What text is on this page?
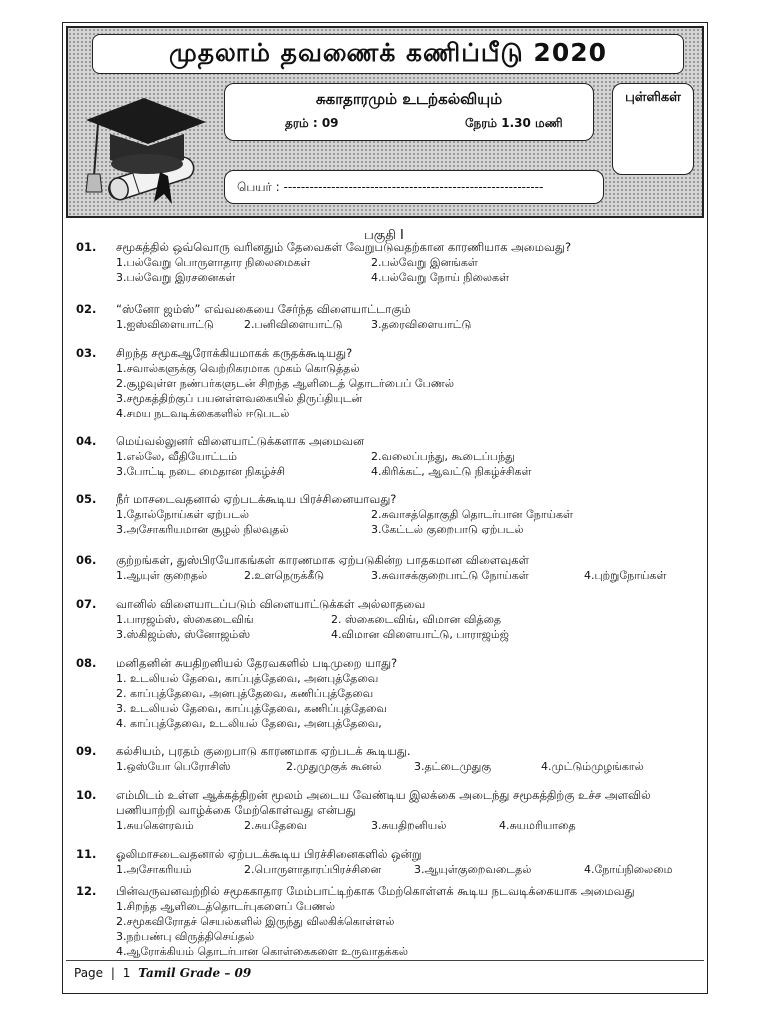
முதலாம் தவணைக் கணிப்பீடு 2020
சுகாதாரமும் உடற்கல்வியும்
தரம் : 09	நேரம் 1.30 மணி
புள்ளிகள்
பெயர் : ------------------------------------------------------------
பகுதி I
01. சமூகத்தில் ஒவ்வொரு வரினதும் தேவைகள் வேறுபடுவதற்கான காரணியாக அமைவது?
1.பல்வேறு பொருளாதார நிலைமைகள்	2.பல்வேறு இனங்கள்
3.பல்வேறு இரசனைகள்	4.பல்வேறு நோய் நிலைகள்
02. “ஸ்னோ ஜம்ஸ்” எவ்வகையை சேர்ந்த விளையாட்டாகும்
1.ஐஸ்விளையாட்டு	2.பனிவிளையாட்டு	3.தரைவிளையாட்டு
03. சிறந்த சமூகஆரோக்கியமாகக் கருதக்கூடியது?
1.சவால்களுக்கு வெற்றிகரமாக முகம் கொடுத்தல்
2.சூழவுள்ள நண்பர்களுடன் சிறந்த ஆளிடைத் தொடர்பைப் பேணல்
3.சமூகத்திற்குப் பயனள்ளவகையில் திருப்தியுடன்
4.சமய நடவடிக்கைகளில் ஈடுபடல்
04. மெய்வல்லுனர் விளையாட்டுக்களாக அமைவன
1.எல்லே, வீதியோட்டம்	2.வலைப்பந்து, கூடைப்பந்து
3.போட்டி நடை மைதான நிகழ்ச்சி	4.கிரிக்கட், ஆவட்டு நிகழ்ச்சிகள்
05. நீர் மாசடைவதனால் ஏற்படக்கூடிய பிரச்சினையாவது?
1.தோல்நோய்கள் ஏற்படல்	2.சுவாசத்தொகுதி தொடர்பான நோய்கள்
3.அசோகரியமான சூழல் நிலவுதல்	3.கேட்டல் குறைபாடு ஏற்படல்
06. குற்றங்கள், துஸ்பிரயோகங்கள் காரணமாக ஏற்படுகின்ற பாதகமான விளைவுகள்
1.ஆயுள் குறைதல்	2.உளநெருக்கீடு	3.சுவாசக்குறைபாட்டு நோய்கள்	4.புற்றுநோய்கள்
07. வானில் விளையாடப்படும் விளையாட்டுக்கள் அல்லாதவை
1.பாரஜம்ஸ், ஸ்கைடைவிங்	2. ஸ்கைடைவிங், விமான வித்தை
3.ஸ்கிஜம்ஸ், ஸ்னோஜம்ஸ்	4.விமான விளையாட்டு, பாராஜம்ஜ்
08. மனிதனின் சுயதிறனியல் தேரவகளில் படிமுறை யாது?
1. உடலியல் தேவை, காப்புத்தேவை, அனபுத்தேவை
2. காப்புத்தேவை, அனபுத்தேவை, கணிப்புத்தேவை
3. உடலியல் தேவை, காப்புத்தேவை, கணிப்புத்தேவை
4. காப்புத்தேவை, உடலியல் தேவை, அனபுத்தேவை,
09. கல்சியம், புரதம் குறைபாடு காரணமாக ஏற்படக் கூடியது.
1.ஒஸ்யோ பெரோசிஸ்	2.முதுமுகுக் கூனல்	3.தட்டைமுதுகு	4.முட்டும்முழங்கால்
10. எம்மிடம் உள்ள ஆக்கத்திறன் மூலம் அடைய வேண்டிய இலக்கை அடைந்து சமூகத்திற்கு உச்ச அளவில் பணியாற்றி வாழ்க்கை மேற்கொள்வது என்பது
1.சுயகௌரவம்	2.சுயதேவை	3.சுயதிறனியல்	4.சுயமரியாதை
11. ஓலிமாசடைவதனால் ஏற்படக்கூடிய பிரச்சினைகளில் ஒன்று
1.அசோகரியம்	2.பொருளாதாரப்பிரச்சினை	3.ஆயுள்குறைவடைதல்	4.நோய்நிலைமை
12. பின்வருவனவற்றில் சமூககாதார மேம்பாட்டிற்காக மேற்கொள்ளக் கூடிய நடவடிக்கையாக அமைவது
1.சிறந்த ஆளிடைத்தொடர்புகளைப் பேணல்
2.சமூகவிரோதச் செயல்களில் இருந்து விலகிக்கொள்ளல்
3.நற்பண்பு விருத்திசெய்தல்
4.ஆரோக்கியம் தொடர்பான கொள்கைகளை உருவாதக்கல்
Page | 1 Tamil Grade – 09
